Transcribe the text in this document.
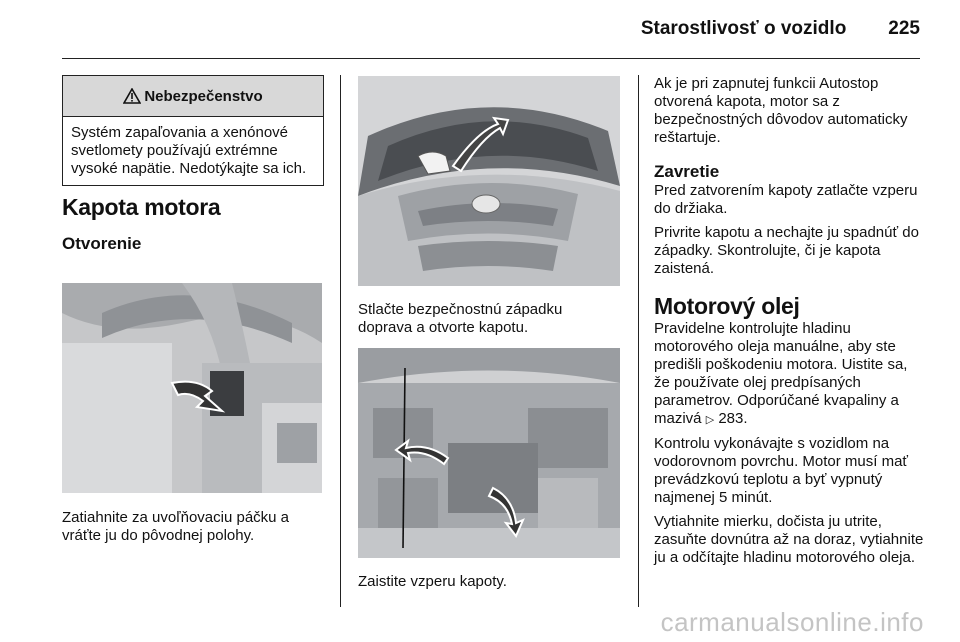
Starostlivosť o vozidlo 225
Nebezpečenstvo
Systém zapaľovania a xenónové svetlomety používajú extrémne vysoké napätie. Nedotýkajte sa ich.
Kapota motora
Otvorenie

Zatiahnite za uvoľňovaciu páčku a vráťte ju do pôvodnej polohy.

Stlačte bezpečnostnú západku doprava a otvorte kapotu.

Zaistite vzperu kapoty.

Ak je pri zapnutej funkcii Autostop otvorená kapota, motor sa z bezpečnostných dôvodov automaticky reštartuje.

Zavretie

Pred zatvorením kapoty zatlačte vzperu do držiaka.

Privrite kapotu a nechajte ju spadnúť do západky. Skontrolujte, či je kapota zaistená.

Motorový olej

Pravidelne kontrolujte hladinu motorového oleja manuálne, aby ste predišli poškodeniu motora. Uistite sa, že používate olej predpísaných parametrov. Odporúčané kvapaliny a mazivá ▷ 283.

Kontrolu vykonávajte s vozidlom na vodorovnom povrchu. Motor musí mať prevádzkovú teplotu a byť vypnutý najmenej 5 minút.

Vytiahnite mierku, dočista ju utrite, zasuňte dovnútra až na doraz, vytiahnite ju a odčítajte hladinu motorového oleja.

carmanualsonline.info
